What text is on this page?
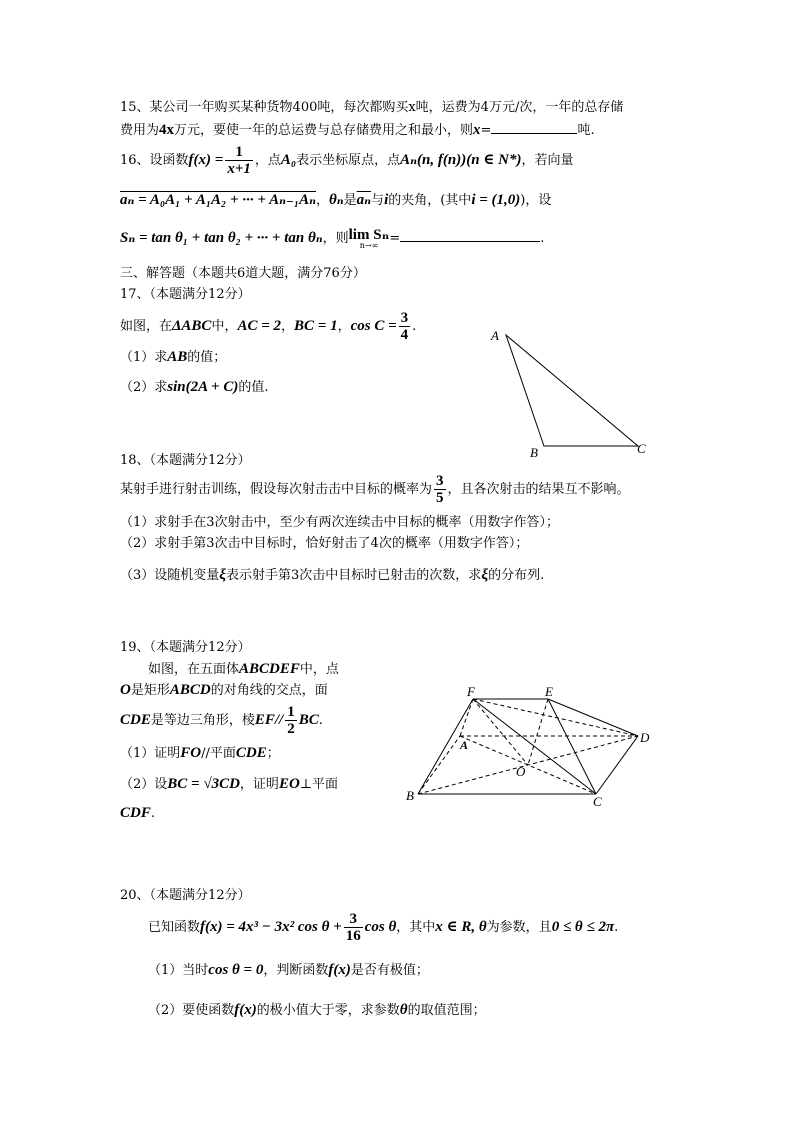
15、某公司一年购买某种货物400吨，每次都购买x吨，运费为4万元/次，一年的总存储
费用为4x万元，要使一年的总运费与总存储费用之和最小，则x=	吨.
16、设函数$f(x) = \frac{1}{x+1}$ ，点A₀表示坐标原点，点Aₙ(n, f(n))(n ∈ N*)，若向量
aₙ = A₀A₁ + A₁A₂ + ··· + Aₙ₋₁Aₙ，θₙ是$\overline{a_n}$与i的夹角，(其中i = (1,0))，设
Sₙ = tan θ₁ + tan θ₂ + ··· + tan θₙ，则 lim Sₙ
n→∞ =	.
三、解答题（本题共6道大题，满分76分）
17、（本题满分12分）
如图，在ΔABC中，AC = 2，BC = 1，$\cos C = \frac{3}{4}$ .
（1）求AB的值；
（2）求sin(2A + C)的值.
A
B	C
18、（本题满分12分）
某射手进行射击训练，假设每次射击击中目标的概率为 $\frac{3}{5}$ ，且各次射击的结果互不影响。
（1）求射手在3次射击中，至少有两次连续击中目标的概率（用数字作答）；
（2）求射手第3次击中目标时，恰好射击了4次的概率（用数字作答）；
（3）设随机变量ξ表示射手第3次击中目标时已射击的次数，求ξ的分布列.
19、（本题满分12分）
如图，在五面体ABCDEF中，点
O是矩形ABCD的对角线的交点，面
CDE是等边三角形，棱$EF// \frac{1}{2}$ BC.
（1）证明FO//平面CDE；
（2）设BC = √3CD，证明EO⊥平面
CDF.
F	E
A	D
O
B	C
20、（本题满分12分）
已知函数f(x) = 4x³ − 3x² $\cos \theta + \frac{3}{16}$ cos θ，其中x ∈ R, θ为参数，且0 ≤ θ ≤ 2π.
（1）当时cos θ = 0，判断函数f(x)是否有极值；
（2）要使函数f(x)的极小值大于零，求参数θ的取值范围；
